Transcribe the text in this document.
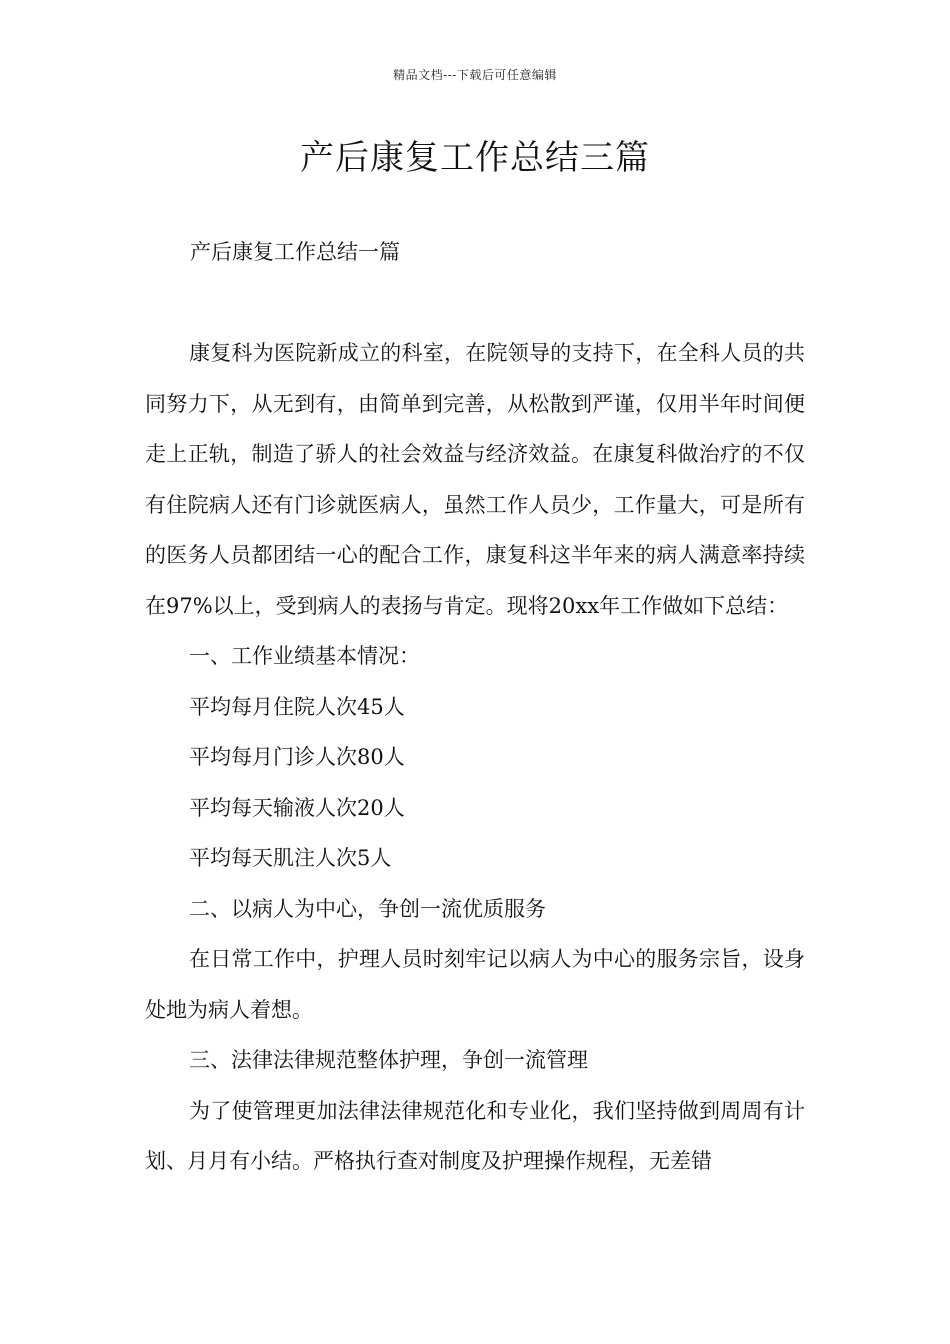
精品文档---下载后可任意编辑
产后康复工作总结三篇
产后康复工作总结一篇

康复科为医院新成立的科室，在院领导的支持下，在全科人员的共同努力下，从无到有，由简单到完善，从松散到严谨，仅用半年时间便走上正轨，制造了骄人的社会效益与经济效益。在康复科做治疗的不仅有住院病人还有门诊就医病人，虽然工作人员少，工作量大，可是所有的医务人员都团结一心的配合工作，康复科这半年来的病人满意率持续在97%以上，受到病人的表扬与肯定。现将20xx年工作做如下总结：

一、工作业绩基本情况：

平均每月住院人次45人

平均每月门诊人次80人

平均每天输液人次20人

平均每天肌注人次5人

二、以病人为中心，争创一流优质服务

在日常工作中，护理人员时刻牢记以病人为中心的服务宗旨，设身处地为病人着想。

三、法律法律规范整体护理，争创一流管理

为了使管理更加法律法律规范化和专业化，我们坚持做到周周有计划、月月有小结。严格执行查对制度及护理操作规程，无差错
